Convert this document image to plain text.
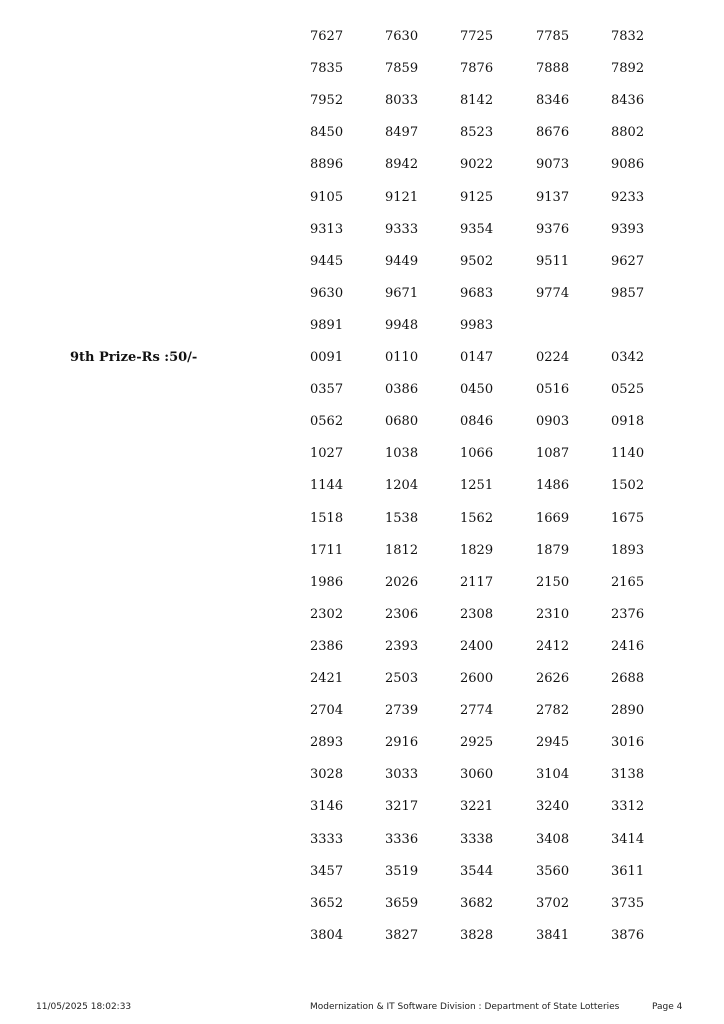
7627	7630	7725	7785	7832
7835	7859	7876	7888	7892
7952	8033	8142	8346	8436
8450	8497	8523	8676	8802
8896	8942	9022	9073	9086
9105	9121	9125	9137	9233
9313	9333	9354	9376	9393
9445	9449	9502	9511	9627
9630	9671	9683	9774	9857
9891	9948	9983
9th Prize-Rs :50/-	0091	0110	0147	0224	0342
0357	0386	0450	0516	0525
0562	0680	0846	0903	0918
1027	1038	1066	1087	1140
1144	1204	1251	1486	1502
1518	1538	1562	1669	1675
1711	1812	1829	1879	1893
1986	2026	2117	2150	2165
2302	2306	2308	2310	2376
2386	2393	2400	2412	2416
2421	2503	2600	2626	2688
2704	2739	2774	2782	2890
2893	2916	2925	2945	3016
3028	3033	3060	3104	3138
3146	3217	3221	3240	3312
3333	3336	3338	3408	3414
3457	3519	3544	3560	3611
3652	3659	3682	3702	3735
3804	3827	3828	3841	3876
11/05/2025 18:02:33	Modernization & IT Software Division : Department of State Lotteries	Page 4
